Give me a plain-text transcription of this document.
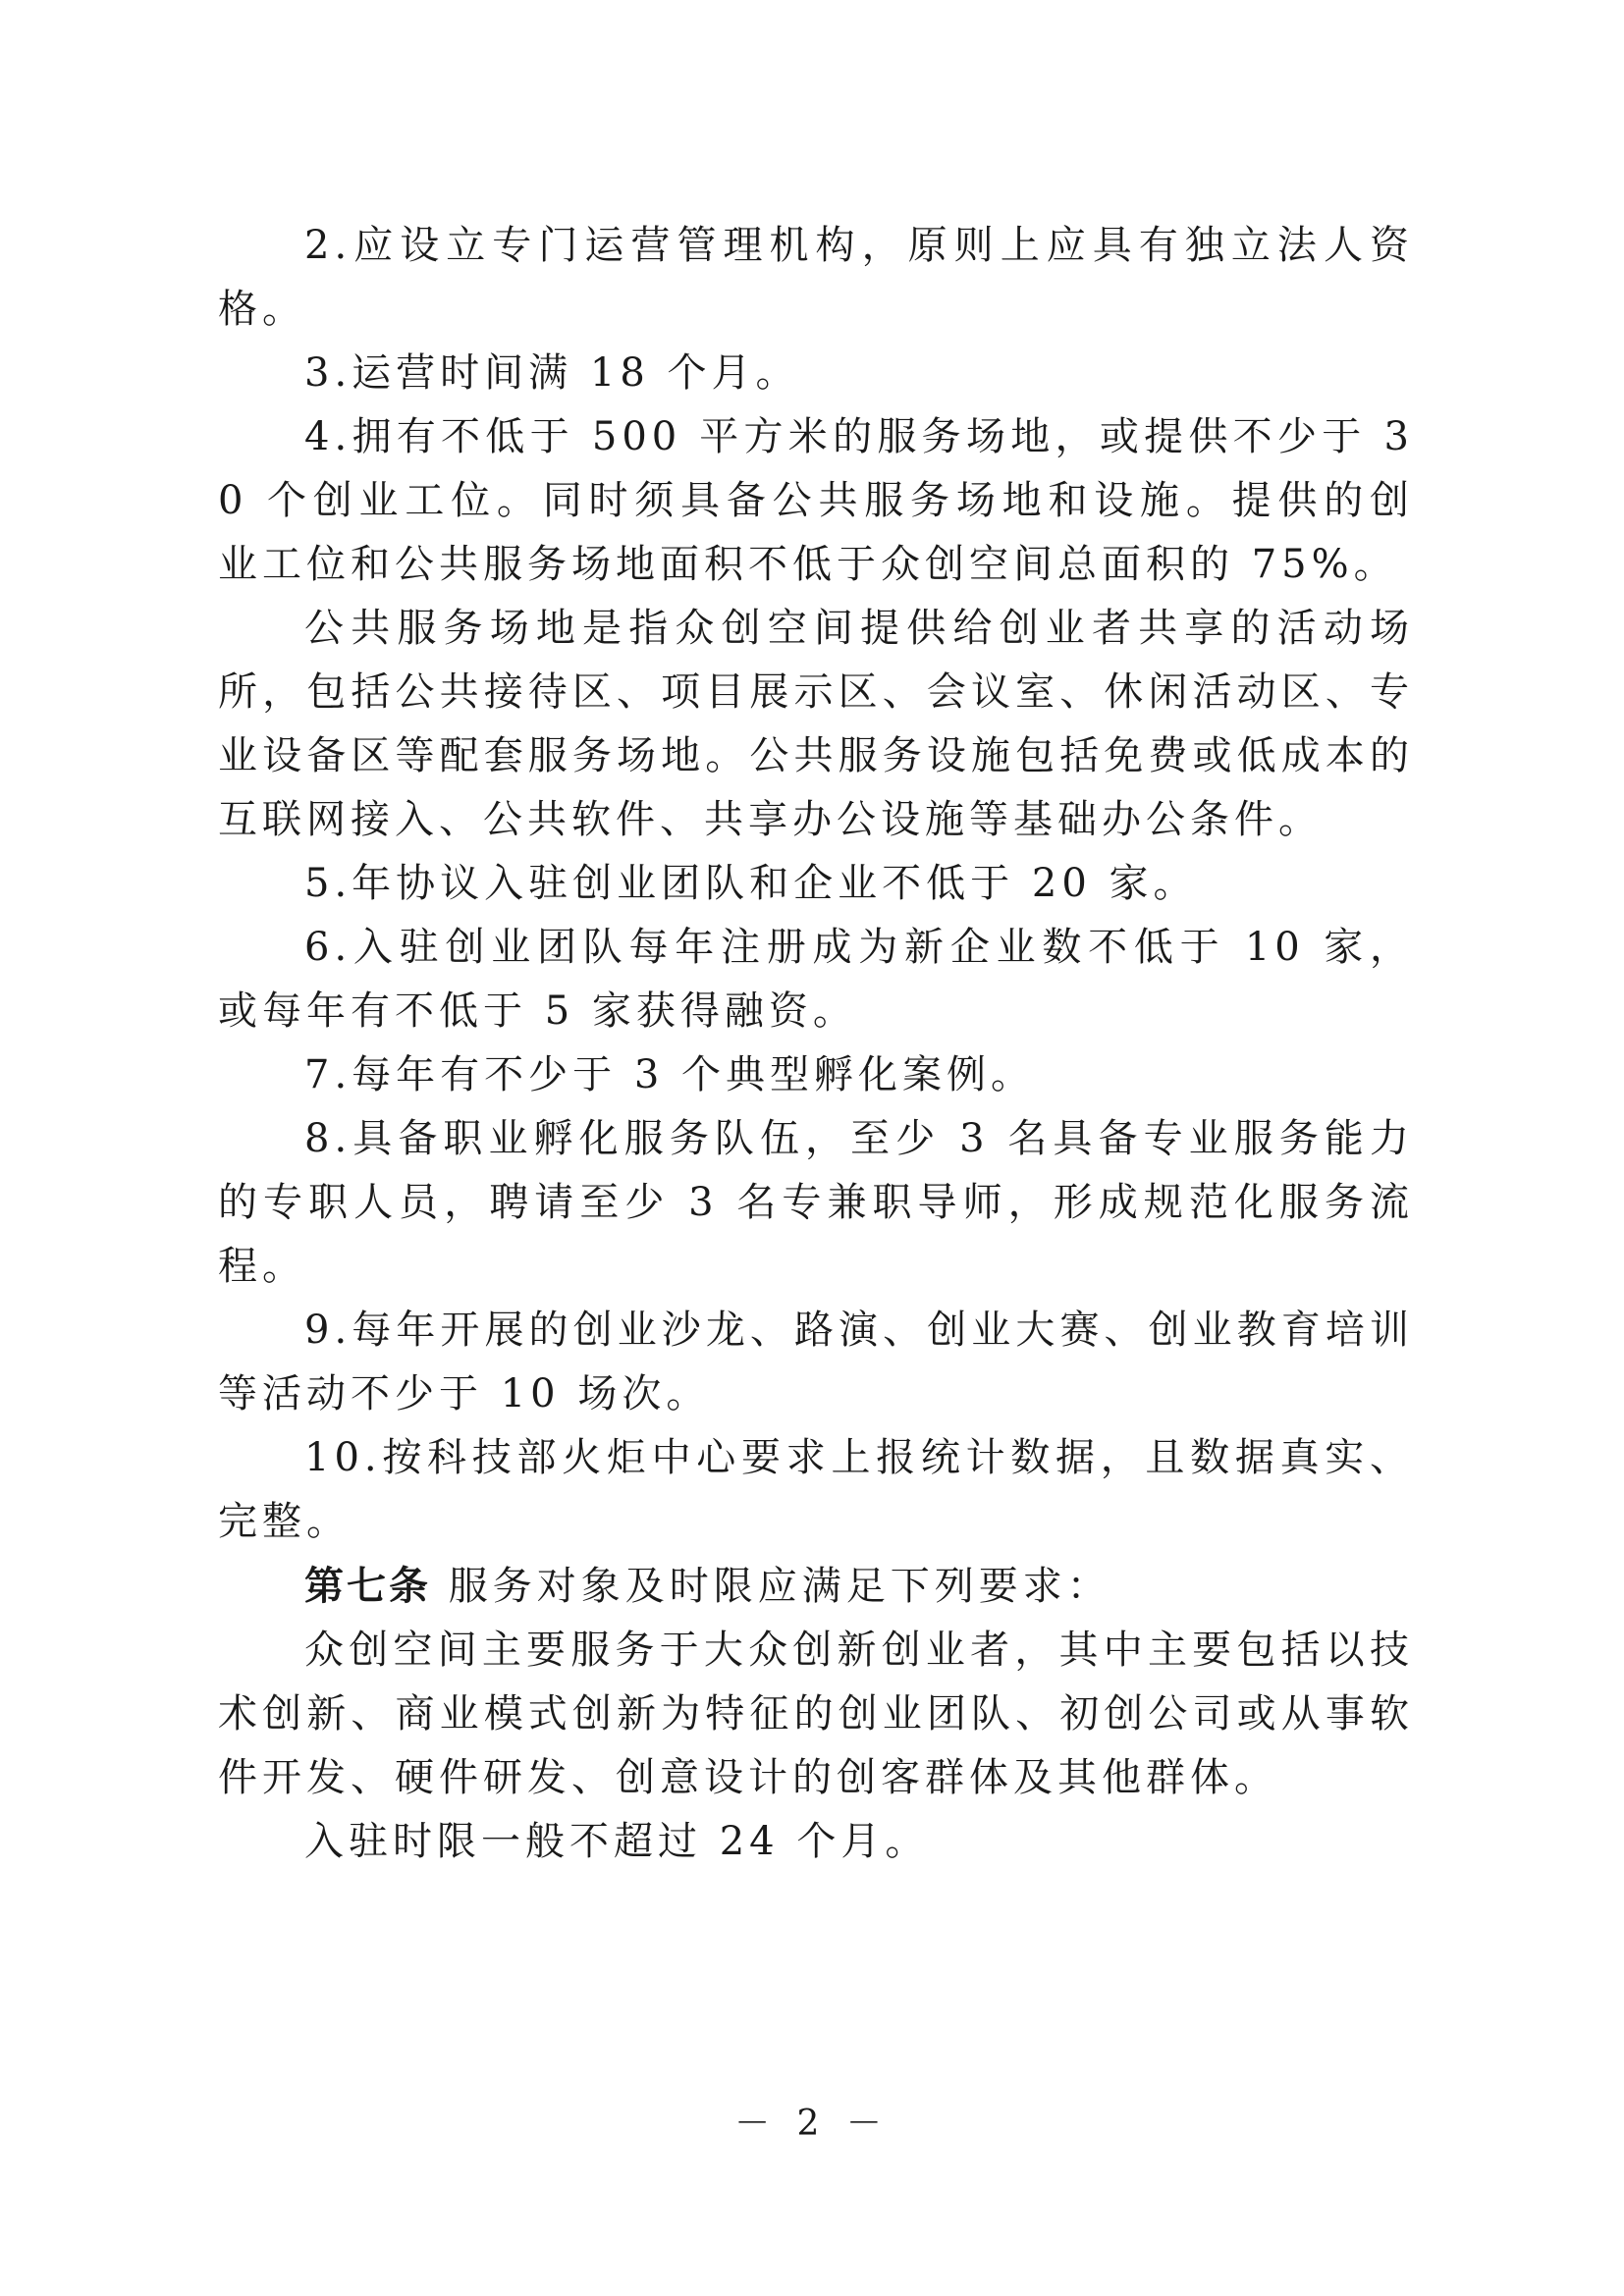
2.应设立专门运营管理机构，原则上应具有独立法人资格。

3.运营时间满 18 个月。

4.拥有不低于 500 平方米的服务场地，或提供不少于 30 个创业工位。同时须具备公共服务场地和设施。提供的创业工位和公共服务场地面积不低于众创空间总面积的 75%。

公共服务场地是指众创空间提供给创业者共享的活动场所，包括公共接待区、项目展示区、会议室、休闲活动区、专业设备区等配套服务场地。公共服务设施包括免费或低成本的互联网接入、公共软件、共享办公设施等基础办公条件。

5.年协议入驻创业团队和企业不低于 20 家。

6.入驻创业团队每年注册成为新企业数不低于 10 家，或每年有不低于 5 家获得融资。

7.每年有不少于 3 个典型孵化案例。

8.具备职业孵化服务队伍，至少 3 名具备专业服务能力的专职人员，聘请至少 3 名专兼职导师，形成规范化服务流程。

9.每年开展的创业沙龙、路演、创业大赛、创业教育培训等活动不少于 10 场次。

10.按科技部火炬中心要求上报统计数据，且数据真实、完整。

第七条 服务对象及时限应满足下列要求：

众创空间主要服务于大众创新创业者，其中主要包括以技术创新、商业模式创新为特征的创业团队、初创公司或从事软件开发、硬件研发、创意设计的创客群体及其他群体。

入驻时限一般不超过 24 个月。

－ 2 －
